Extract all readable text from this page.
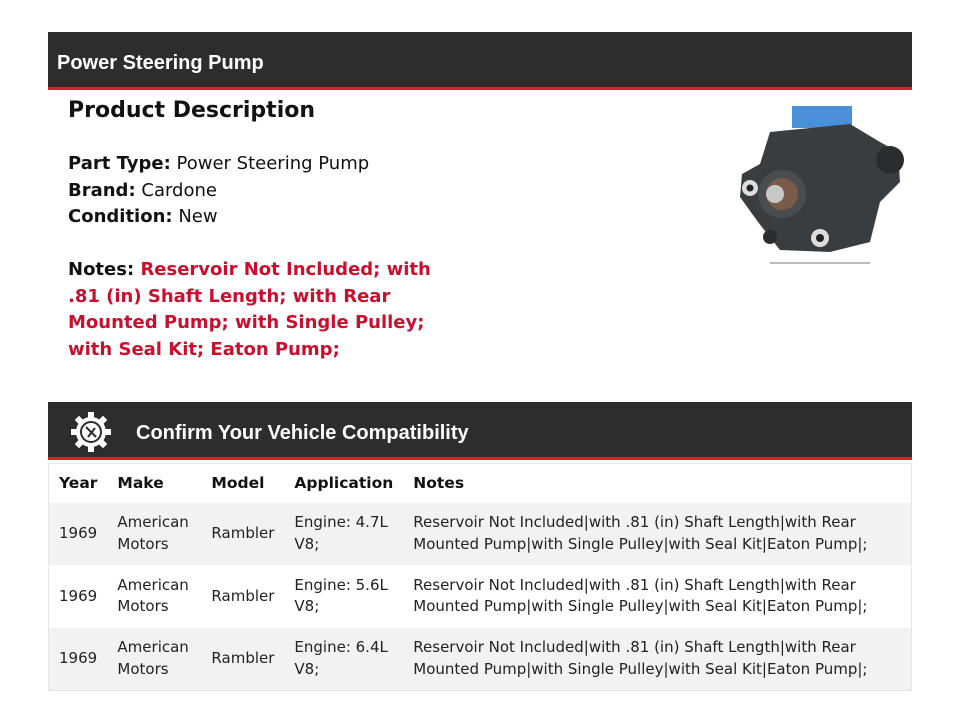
Power Steering Pump
Product Description
Part Type: Power Steering Pump
Brand: Cardone
Condition: New
Notes: Reservoir Not Included; with .81 (in) Shaft Length; with Rear Mounted Pump; with Single Pulley; with Seal Kit; Eaton Pump;
Confirm Your Vehicle Compatibility
Year	Make	Model	Application	Notes
1969	American Motors	Rambler	Engine: 4.7L V8;	Reservoir Not Included|with .81 (in) Shaft Length|with Rear Mounted Pump|with Single Pulley|with Seal Kit|Eaton Pump|;
1969	American Motors	Rambler	Engine: 5.6L V8;	Reservoir Not Included|with .81 (in) Shaft Length|with Rear Mounted Pump|with Single Pulley|with Seal Kit|Eaton Pump|;
1969	American Motors	Rambler	Engine: 6.4L V8;	Reservoir Not Included|with .81 (in) Shaft Length|with Rear Mounted Pump|with Single Pulley|with Seal Kit|Eaton Pump|;
